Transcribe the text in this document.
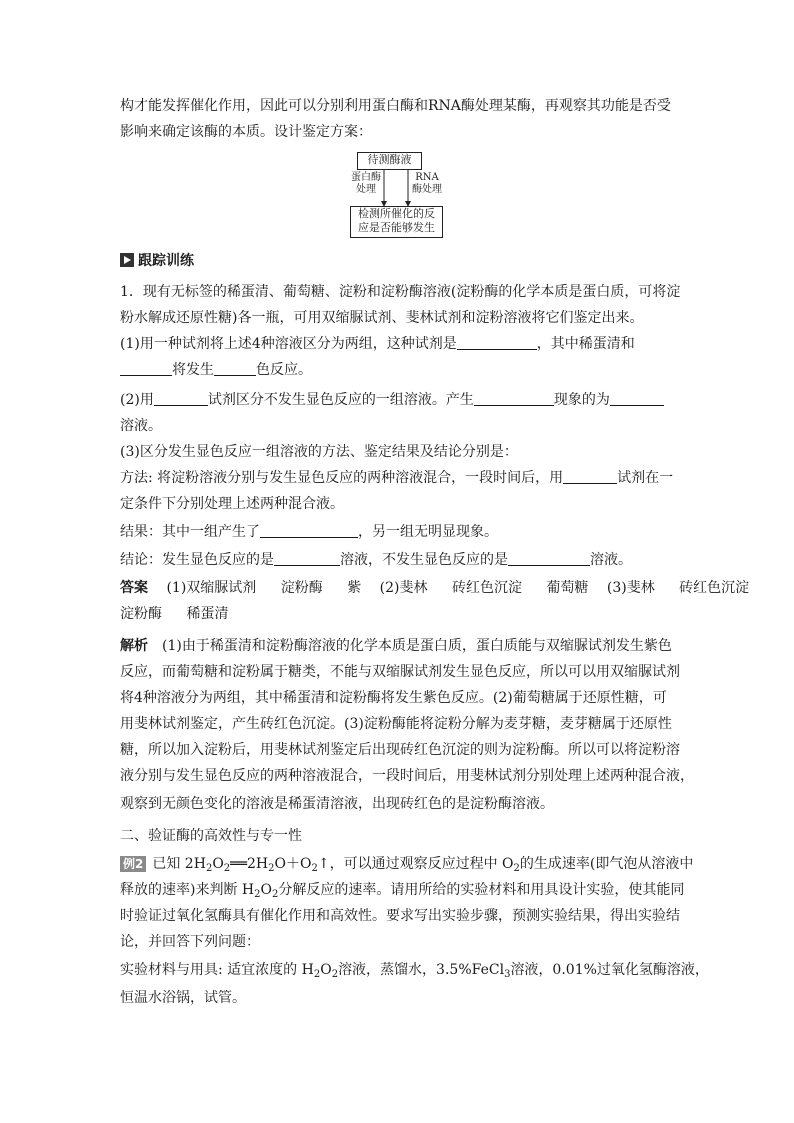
构才能发挥催化作用，因此可以分别利用蛋白酶和RNA酶处理某酶，再观察其功能是否受
影响来确定该酶的本质。设计鉴定方案：
待测酶液
蛋白酶
处理
RNA
酶处理
检测所催化的反
应是否能够发生
跟踪训练
1．现有无标签的稀蛋清、葡萄糖、淀粉和淀粉酶溶液(淀粉酶的化学本质是蛋白质，可将淀
粉水解成还原性糖)各一瓶，可用双缩脲试剂、斐林试剂和淀粉溶液将它们鉴定出来。
(1)用一种试剂将上述4种溶液区分为两组，这种试剂是	，其中稀蛋清和
将发生	色反应。
(2)用	试剂区分不发生显色反应的一组溶液。产生	现象的为
溶液。
(3)区分发生显色反应一组溶液的方法、鉴定结果及结论分别是：
方法: 将淀粉溶液分别与发生显色反应的两种溶液混合，一段时间后，用	试剂在一
定条件下分别处理上述两种混合液。
结果：其中一组产生了	，另一组无明显现象。
结论：发生显色反应的是	溶液，不发生显色反应的是	溶液。
答案 (1)双缩脲试剂 淀粉酶 紫 (2)斐林 砖红色沉淀 葡萄糖 (3)斐林 砖红色沉淀
淀粉酶 稀蛋清
解析 (1)由于稀蛋清和淀粉酶溶液的化学本质是蛋白质，蛋白质能与双缩脲试剂发生紫色
反应，而葡萄糖和淀粉属于糖类，不能与双缩脲试剂发生显色反应，所以可以用双缩脲试剂
将4种溶液分为两组，其中稀蛋清和淀粉酶将发生紫色反应。(2)葡萄糖属于还原性糖，可
用斐林试剂鉴定，产生砖红色沉淀。(3)淀粉酶能将淀粉分解为麦芽糖，麦芽糖属于还原性
糖，所以加入淀粉后，用斐林试剂鉴定后出现砖红色沉淀的则为淀粉酶。所以可以将淀粉溶
液分别与发生显色反应的两种溶液混合，一段时间后，用斐林试剂分别处理上述两种混合液，
观察到无颜色变化的溶液是稀蛋清溶液，出现砖红色的是淀粉酶溶液。
二、验证酶的高效性与专一性
例2 已知 $2H_2O_2══2H_2O+O_2↑$，可以通过观察反应过程中 $O_2$的生成速率(即气泡从溶液中
释放的速率)来判断 $H_2O_2$分解反应的速率。请用所给的实验材料和用具设计实验，使其能同
时验证过氧化氢酶具有催化作用和高效性。要求写出实验步骤，预测实验结果，得出实验结
论，并回答下列问题：
实验材料与用具: 适宜浓度的 $H_2O_2$溶液，蒸馏水，3.5%FeCl$_3$溶液，0.01%过氧化氢酶溶液，
恒温水浴锅，试管。
